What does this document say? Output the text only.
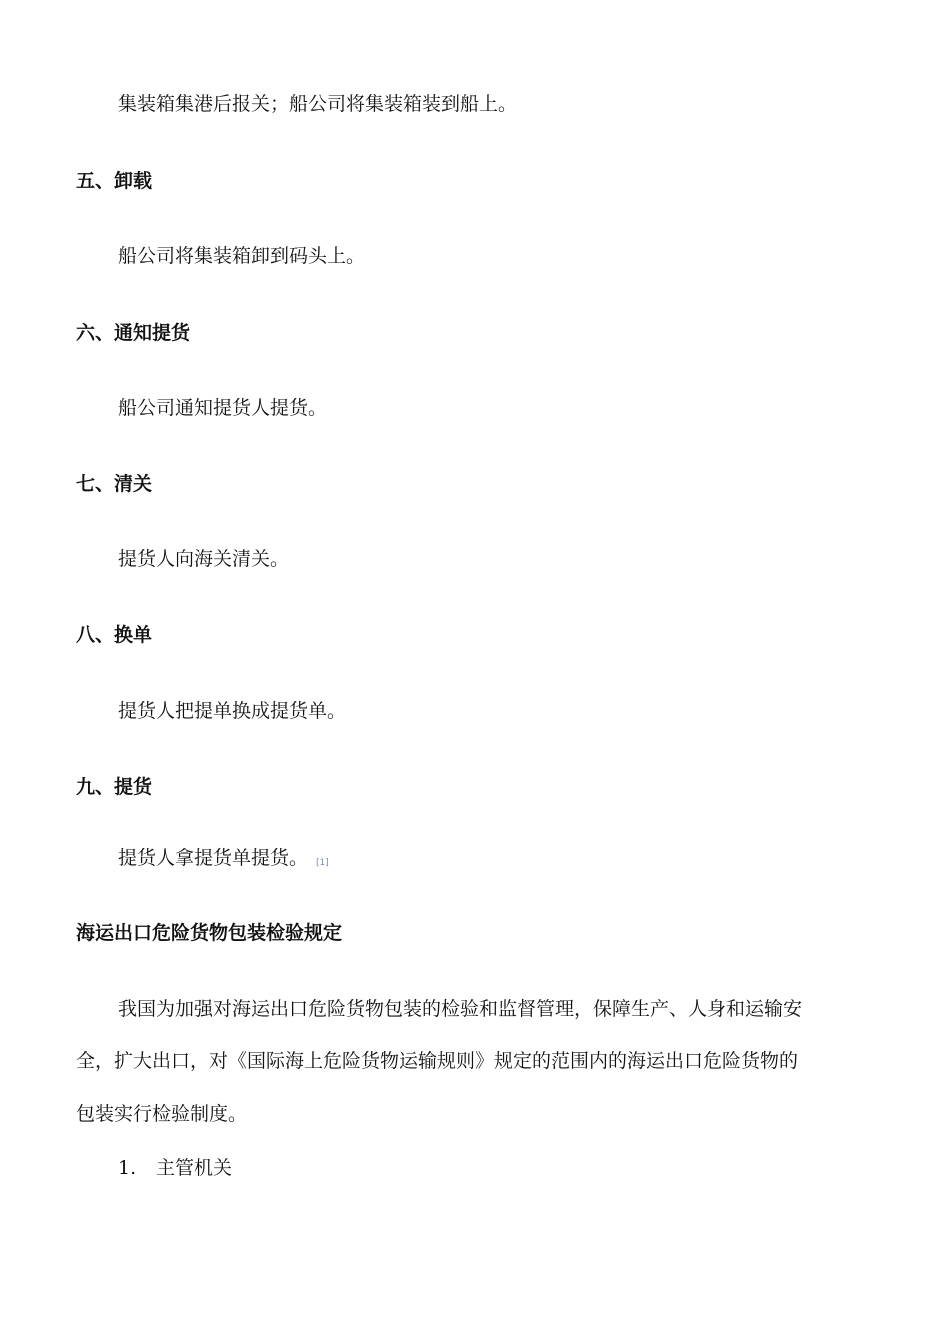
集装箱集港后报关；船公司将集装箱装到船上。
五、卸载
船公司将集装箱卸到码头上。
六、通知提货
船公司通知提货人提货。
七、清关
提货人向海关清关。
八、换单
提货人把提单换成提货单。
九、提货
提货人拿提货单提货。 [1]
海运出口危险货物包装检验规定
我国为加强对海运出口危险货物包装的检验和监督管理，保障生产、人身和运输安
全，扩大出口，对《国际海上危险货物运输规则》规定的范围内的海运出口危险货物的
包装实行检验制度。
1. 主管机关
